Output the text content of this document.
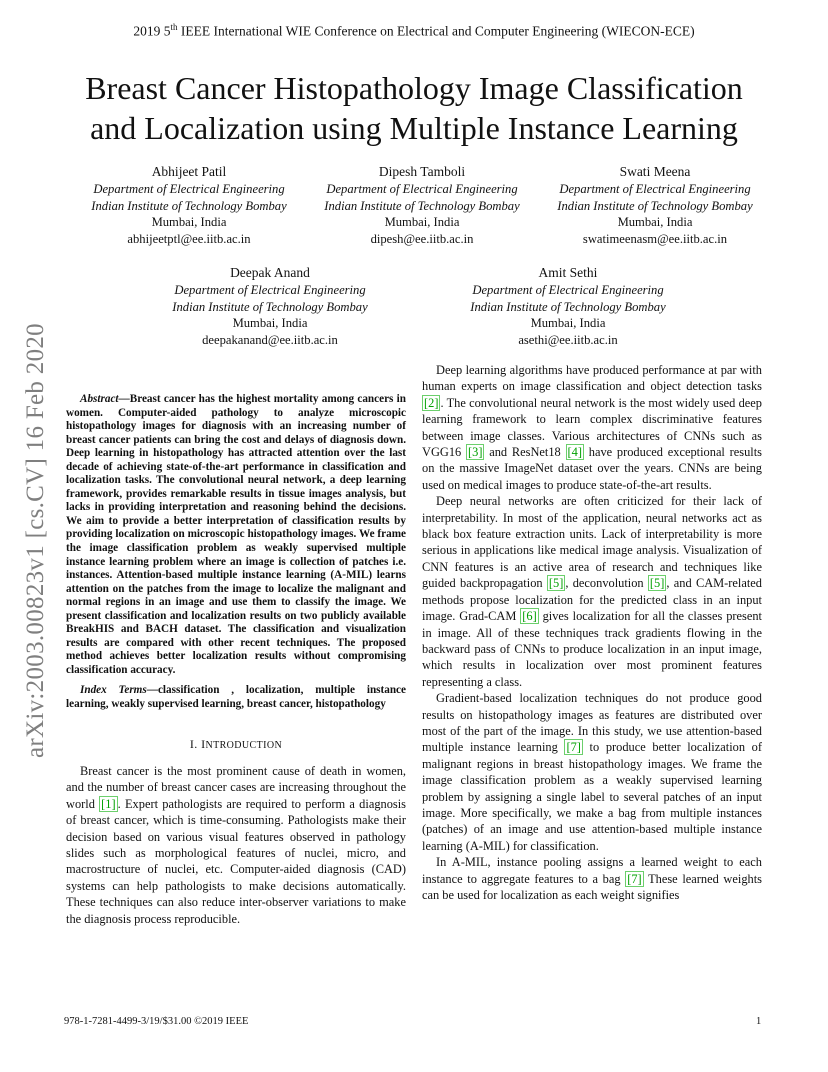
2019 5th IEEE International WIE Conference on Electrical and Computer Engineering (WIECON-ECE)
Breast Cancer Histopathology Image Classification
and Localization using Multiple Instance Learning
Abhijeet Patil
Department of Electrical Engineering
Indian Institute of Technology Bombay
Mumbai, India
abhijeetptl@ee.iitb.ac.in
Dipesh Tamboli
Department of Electrical Engineering
Indian Institute of Technology Bombay
Mumbai, India
dipesh@ee.iitb.ac.in
Swati Meena
Department of Electrical Engineering
Indian Institute of Technology Bombay
Mumbai, India
swatimeenasm@ee.iitb.ac.in
Deepak Anand
Department of Electrical Engineering
Indian Institute of Technology Bombay
Mumbai, India
deepakanand@ee.iitb.ac.in
Amit Sethi
Department of Electrical Engineering
Indian Institute of Technology Bombay
Mumbai, India
asethi@ee.iitb.ac.in
arXiv:2003.00823v1 [cs.CV] 16 Feb 2020	Abstract—Breast cancer has the highest mortality among cancers in women. Computer-aided pathology to analyze microscopic histopathology images for diagnosis with an increasing number of breast cancer patients can bring the cost and delays of diagnosis down. Deep learning in histopathology has attracted attention over the last decade of achieving state-of-the-art performance in classification and localization tasks. The convolutional neural network, a deep learning framework, provides remarkable results in tissue images analysis, but lacks in providing interpretation and reasoning behind the decisions. We aim to provide a better interpretation of classification results by providing localization on microscopic histopathology images. We frame the image classification problem as weakly supervised multiple instance learning problem where an image is collection of patches i.e. instances. Attention-based multiple instance learning (A-MIL) learns attention on the patches from the image to localize the malignant and normal regions in an image and use them to classify the image. We present classification and localization results on two publicly available BreakHIS and BACH dataset. The classification and visualization results are compared with other recent techniques. The proposed method achieves better localization results without compromising classification accuracy.

Index Terms—classification , localization, multiple instance learning, weakly supervised learning, breast cancer, histopathology

I. INTRODUCTION

Breast cancer is the most prominent cause of death in women, and the number of breast cancer cases are increasing throughout the world [1] . Expert pathologists are required to perform a diagnosis of breast cancer, which is time-consuming. Pathologists make their decision based on various visual features observed in pathology slides such as morphological features of nuclei, micro, and macrostructure of nuclei, etc. Computer-aided diagnosis (CAD) systems can help pathologists to make decisions automatically. These techniques can also reduce inter-observer variations to make the diagnosis process reproducible.

Deep learning algorithms have produced performance at par with human experts on image classification and object detection tasks [2] . The convolutional neural network is the most widely used deep learning framework to learn complex discriminative features between image classes. Various architectures of CNNs such as VGG16 [3] and ResNet18 [4] have produced exceptional results on the massive ImageNet dataset over the years. CNNs are being used on medical images to produce state-of-the-art results.

Deep neural networks are often criticized for their lack of interpretability. In most of the application, neural networks act as black box feature extraction units. Lack of interpretability is more serious in applications like medical image analysis. Visualization of CNN features is an active area of research and techniques like guided backpropagation [5] , deconvolution [5] , and CAM-related methods propose localization for the predicted class in an input image. Grad-CAM [6] gives localization for all the classes present in image. All of these techniques track gradients flowing in the backward pass of CNNs to produce localization in an input image, which results in localization over most prominent features representing a class.

Gradient-based localization techniques do not produce good results on histopathology images as features are distributed over most of the part of the image. In this study, we use attention-based multiple instance learning [7] to produce better localization of malignant regions in breast histopathology images. We frame the image classification problem as a weakly supervised learning problem by assigning a single label to several patches of an input image. More specifically, we make a bag from multiple instances (patches) of an image and use attention-based multiple instance learning (A-MIL) for classification.

In A-MIL, instance pooling assigns a learned weight to each instance to aggregate features to a bag [7] These learned weights can be used for localization as each weight signifies

978-1-7281-4499-3/19/$31.00 ©2019 IEEE	1
